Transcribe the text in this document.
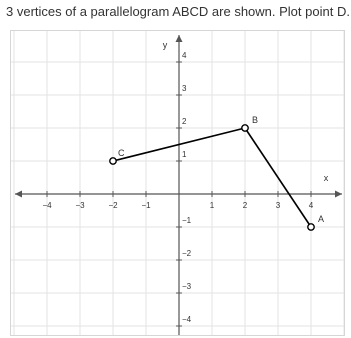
3 vertices of a parallelogram ABCD are shown. Plot point D.
x
y
−4	−3	−2	−1	1	2	3	4
4
3
2
1
−1
−2
−3
−4
A
B
C
